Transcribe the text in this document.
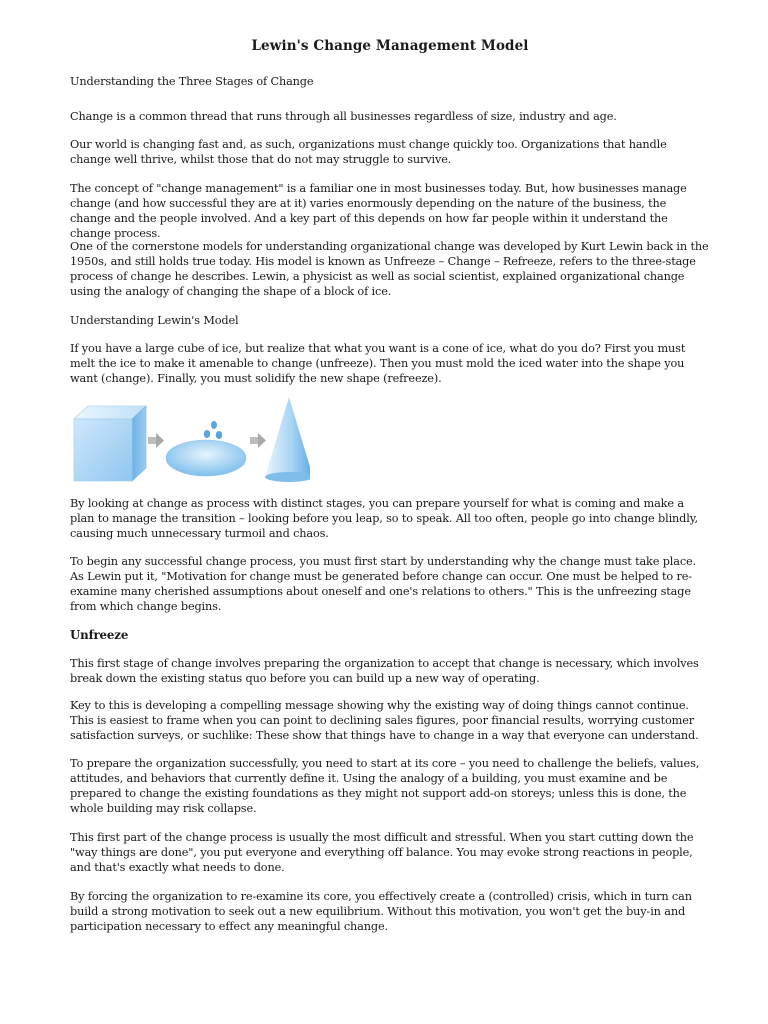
Lewin's Change Management Model
Understanding the Three Stages of Change
Change is a common thread that runs through all businesses regardless of size, industry and age.
Our world is changing fast and, as such, organizations must change quickly too. Organizations that handle change well thrive, whilst those that do not may struggle to survive.
The concept of "change management" is a familiar one in most businesses today. But, how businesses manage change (and how successful they are at it) varies enormously depending on the nature of the business, the change and the people involved. And a key part of this depends on how far people within it understand the change process.
One of the cornerstone models for understanding organizational change was developed by Kurt Lewin back in the 1950s, and still holds true today. His model is known as Unfreeze – Change – Refreeze, refers to the three-stage process of change he describes. Lewin, a physicist as well as social scientist, explained organizational change using the analogy of changing the shape of a block of ice.
Understanding Lewin's Model
If you have a large cube of ice, but realize that what you want is a cone of ice, what do you do? First you must melt the ice to make it amenable to change (unfreeze). Then you must mold the iced water into the shape you want (change). Finally, you must solidify the new shape (refreeze).
By looking at change as process with distinct stages, you can prepare yourself for what is coming and make a plan to manage the transition – looking before you leap, so to speak. All too often, people go into change blindly, causing much unnecessary turmoil and chaos.
To begin any successful change process, you must first start by understanding why the change must take place. As Lewin put it, "Motivation for change must be generated before change can occur. One must be helped to re-examine many cherished assumptions about oneself and one's relations to others." This is the unfreezing stage from which change begins.
Unfreeze
This first stage of change involves preparing the organization to accept that change is necessary, which involves break down the existing status quo before you can build up a new way of operating.
Key to this is developing a compelling message showing why the existing way of doing things cannot continue. This is easiest to frame when you can point to declining sales figures, poor financial results, worrying customer satisfaction surveys, or suchlike: These show that things have to change in a way that everyone can understand.
To prepare the organization successfully, you need to start at its core – you need to challenge the beliefs, values, attitudes, and behaviors that currently define it. Using the analogy of a building, you must examine and be prepared to change the existing foundations as they might not support add-on storeys; unless this is done, the whole building may risk collapse.
This first part of the change process is usually the most difficult and stressful. When you start cutting down the "way things are done", you put everyone and everything off balance. You may evoke strong reactions in people, and that's exactly what needs to done.
By forcing the organization to re-examine its core, you effectively create a (controlled) crisis, which in turn can build a strong motivation to seek out a new equilibrium. Without this motivation, you won't get the buy-in and participation necessary to effect any meaningful change.
